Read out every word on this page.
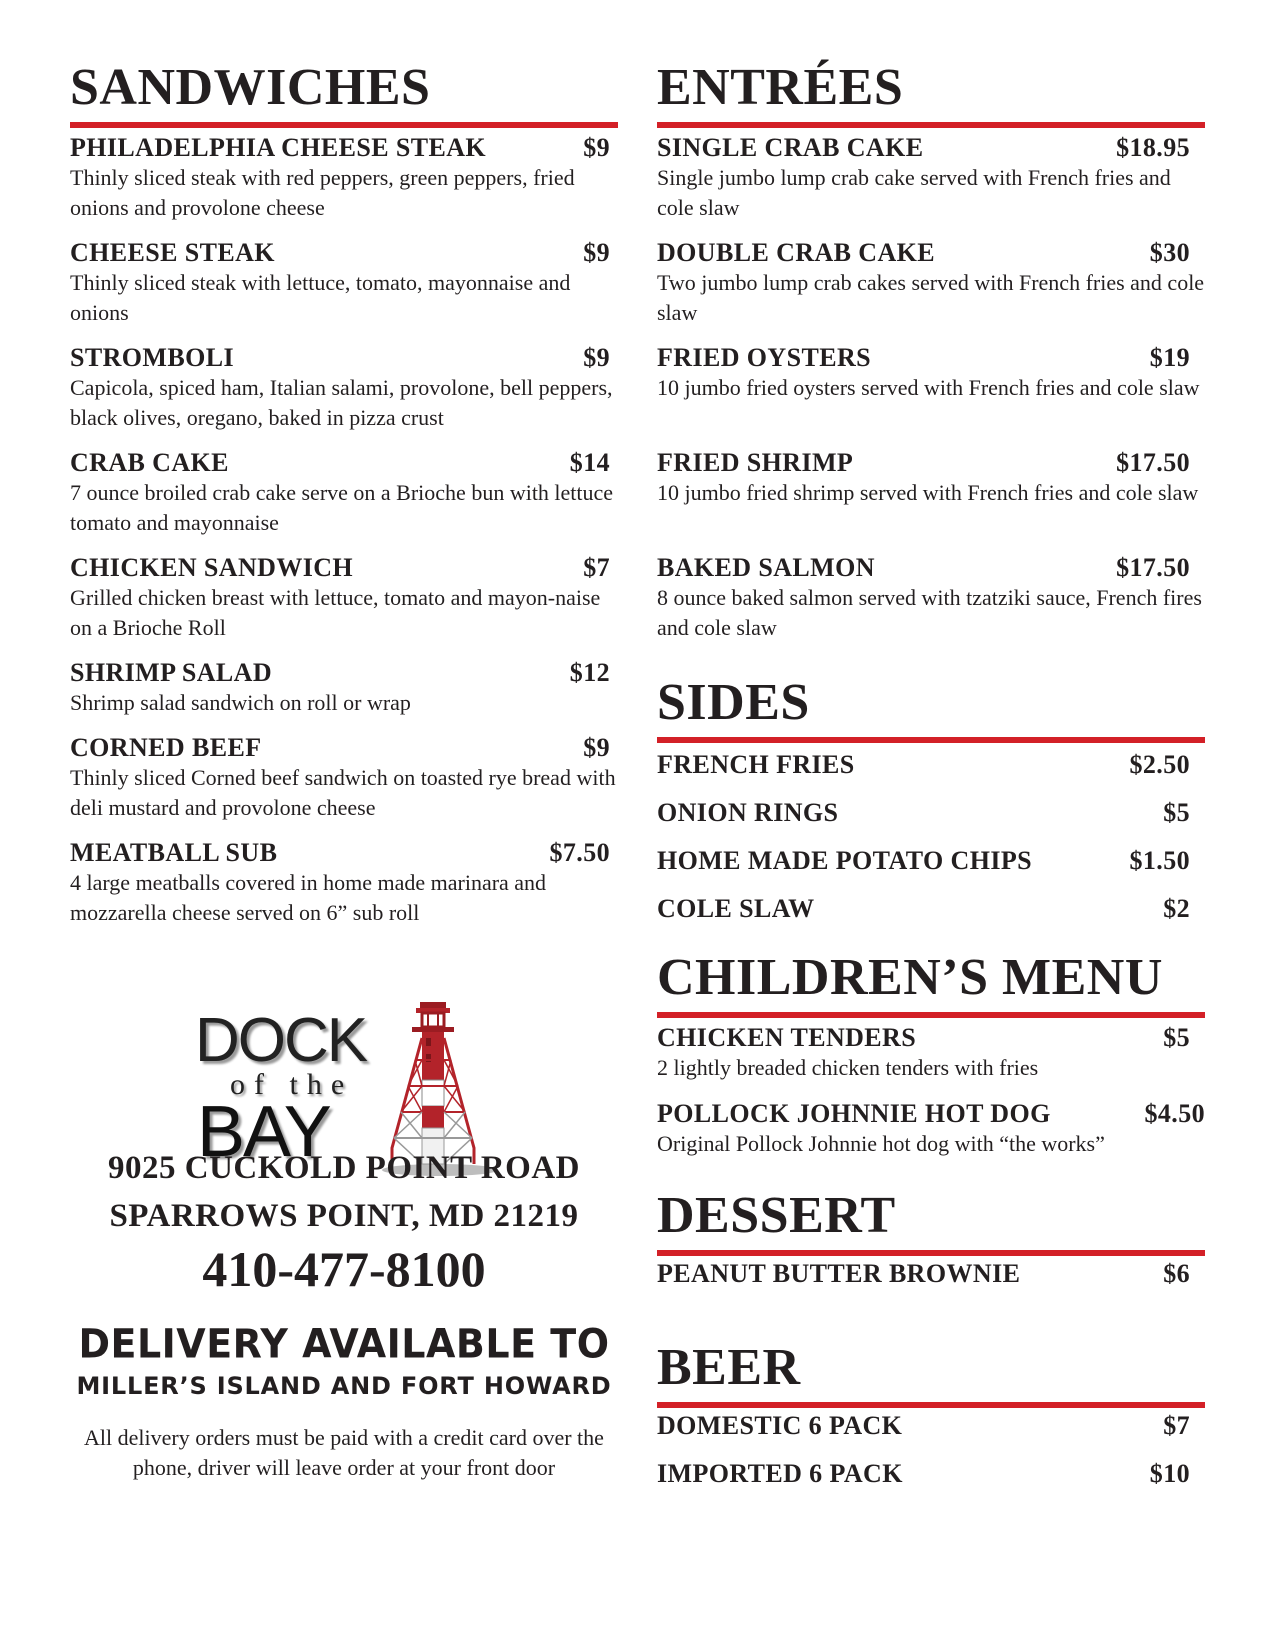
SANDWICHES
PHILADELPHIA CHEESE STEAK	$9
Thinly sliced steak with red peppers, green peppers, fried onions and provolone cheese
CHEESE STEAK	$9
Thinly sliced steak with lettuce, tomato, mayonnaise and onions
STROMBOLI	$9
Capicola, spiced ham, Italian salami, provolone, bell peppers, black olives, oregano, baked in pizza crust
CRAB CAKE	$14
7 ounce broiled crab cake serve on a Brioche bun with lettuce tomato and mayonnaise
CHICKEN SANDWICH	$7
Grilled chicken breast with lettuce, tomato and mayon-naise on a Brioche Roll
SHRIMP SALAD	$12
Shrimp salad sandwich on roll or wrap
CORNED BEEF	$9
Thinly sliced Corned beef sandwich on toasted rye bread with deli mustard and provolone cheese
MEATBALL SUB	$7.50
4 large meatballs covered in home made marinara and mozzarella cheese served on 6” sub roll
DOCK
of the
BAY
9025 CUCKOLD POINT ROAD
SPARROWS POINT, MD 21219
410-477-8100
DELIVERY AVAILABLE TO
MILLER’S ISLAND AND FORT HOWARD
All delivery orders must be paid with a credit card over the phone, driver will leave order at your front door
ENTRÉES
SINGLE CRAB CAKE	$18.95
Single jumbo lump crab cake served with French fries and cole slaw
DOUBLE CRAB CAKE	$30
Two jumbo lump crab cakes served with French fries and cole slaw
FRIED OYSTERS	$19
10 jumbo fried oysters served with French fries and cole slaw
FRIED SHRIMP	$17.50
10 jumbo fried shrimp served with French fries and cole slaw
BAKED SALMON	$17.50
8 ounce baked salmon served with tzatziki sauce, French fires and cole slaw
SIDES
FRENCH FRIES	$2.50
ONION RINGS	$5
HOME MADE POTATO CHIPS	$1.50
COLE SLAW	$2
CHILDREN’S MENU
CHICKEN TENDERS	$5
2 lightly breaded chicken tenders with fries
POLLOCK JOHNNIE HOT DOG	$4.50
Original Pollock Johnnie hot dog with “the works”
DESSERT
PEANUT BUTTER BROWNIE	$6
BEER
DOMESTIC 6 PACK	$7
IMPORTED 6 PACK	$10
